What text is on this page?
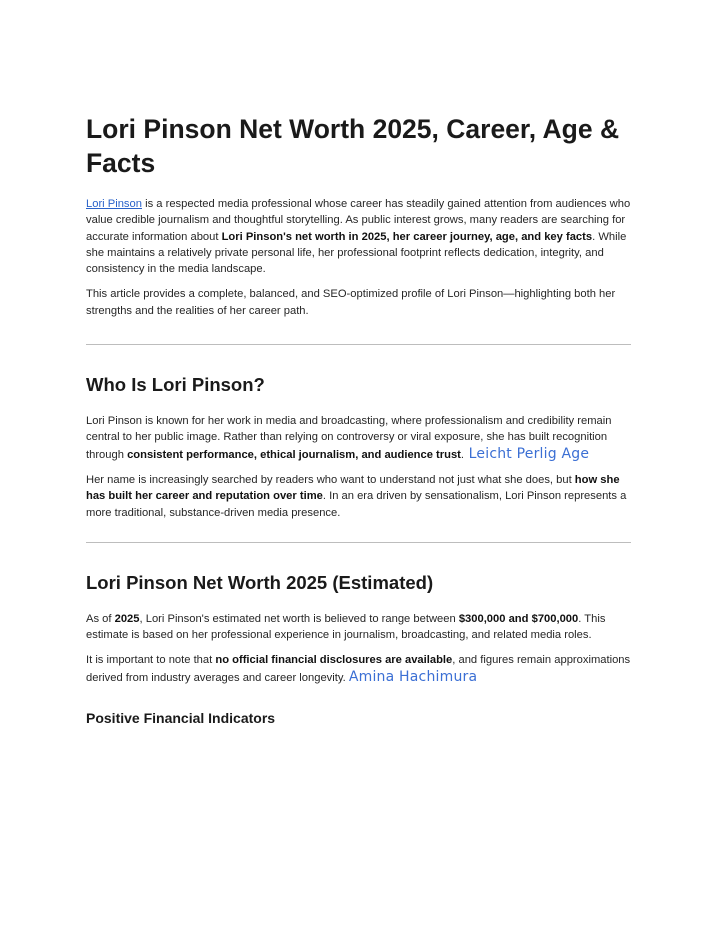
Lori Pinson Net Worth 2025, Career, Age & Facts

Lori Pinson is a respected media professional whose career has steadily gained attention from audiences who value credible journalism and thoughtful storytelling. As public interest grows, many readers are searching for accurate information about Lori Pinson's net worth in 2025, her career journey, age, and key facts. While she maintains a relatively private personal life, her professional footprint reflects dedication, integrity, and consistency in the media landscape.

This article provides a complete, balanced, and SEO-optimized profile of Lori Pinson—highlighting both her strengths and the realities of her career path.

Who Is Lori Pinson?

Lori Pinson is known for her work in media and broadcasting, where professionalism and credibility remain central to her public image. Rather than relying on controversy or viral exposure, she has built recognition through consistent performance, ethical journalism, and audience trust. Leicht Perlig Age

Her name is increasingly searched by readers who want to understand not just what she does, but how she has built her career and reputation over time. In an era driven by sensationalism, Lori Pinson represents a more traditional, substance-driven media presence.

Lori Pinson Net Worth 2025 (Estimated)

As of 2025, Lori Pinson's estimated net worth is believed to range between $300,000 and $700,000. This estimate is based on her professional experience in journalism, broadcasting, and related media roles.

It is important to note that no official financial disclosures are available, and figures remain approximations derived from industry averages and career longevity. Amina Hachimura

Positive Financial Indicators
